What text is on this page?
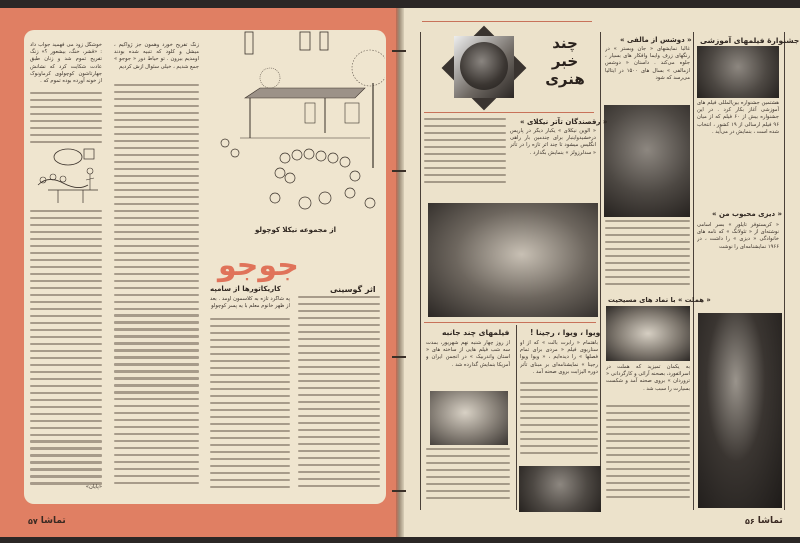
خوشگل زود می فهمید جواب داد : «قشر، خنگ، بیشعور ؟» زنگ تفریح تموم شد و زنان طبق عادت شکایت کرد که نشانش جهارتاشون کوچولوی کرماونوک از خونه آورده بوده تموم که .
«پایان»
زنگ تفریح خورد وهمون جز ژواکیم ، میشل و کلود که تنبیه شده بودند اومدیم بیرون . تو حیاط دور « جوجو » جمع شدیم ، خیلی سئوال ازش کردیم
از مجموعه نیکلا کوچولو
جوجو
اثر گوسینی
کاریکاتورها از سامپه
په شاگرد تازه به کلاسمون اومد . بعد از ظهر خانوم معلم با یه پسر کوچولو
تماشا
۵۷
چند
خبر
هنری
جشنوارهٔ فیلمهای آموزشی
هشتمین جشنواره بین‌المللی فیلم های آموزشی آغاز بکار کرد . در این جشنواره بیش از ۶۰ فیلم که از میان ۹۶ فیلم ارسالی از ۱۹ کشور ، انتخاب شده است ، بنمایش در می‌آید .
« دوشس از مالفی »
غالبا نمایشهای « جان وبستر » در رنگهای زرف وایما وافکار های بسیار ، جلوه می‌کند . داستان « دوشس ازمالفی » بسال های ۱۵۰۰ در ایتالیا می‌رسد که شود
« رقصندگان تآتر نیکلای »
« آلوین نیکلای » یکبار دیگر در پاریس درخشیدواینبار برای چندمین بار راهی انگلیس میشود تا چند اثر تازه را در تآتر « سدلرزولز » بنمایش بگذارد .
« دیزی محبوب من »
« کریستوفر تایلور » بسر اسامی نوشته‌ای از « تئولانگ » که نامه های خانوادگی « دیزی » را داشت ، در ۱۹۶۶ نمایشنامه‌ای را نوشت
« هملت » با نماد های مسیحیت
به یکمان تمیزید که هملت در اسرائفورد، بصحنه آرائی و کارگردانی « تروردان » بروی صحنه آمد و شکست بسیارت را سبب شد .
ویوا ، ویوا ، رجینا !
باهتمام « رابرت بالت » که از او سناریوی فیلم « مردی برای تمام فصلها » را دیده‌ایم ، « ویوا ویوا رجینا » نمایشنامه‌ای بر مبنای تآتر دوره الیزابت بروی صحنه آمد .
فیلمهای چند جانبه
از روز چهار شنبه نهم شهریور، بمدت سه شب فیلم هایی از ساخته های « استان واندربیک » در انجمن ایران و آمریکا بنمایش گذارده شد .
تماشا
۵۶
